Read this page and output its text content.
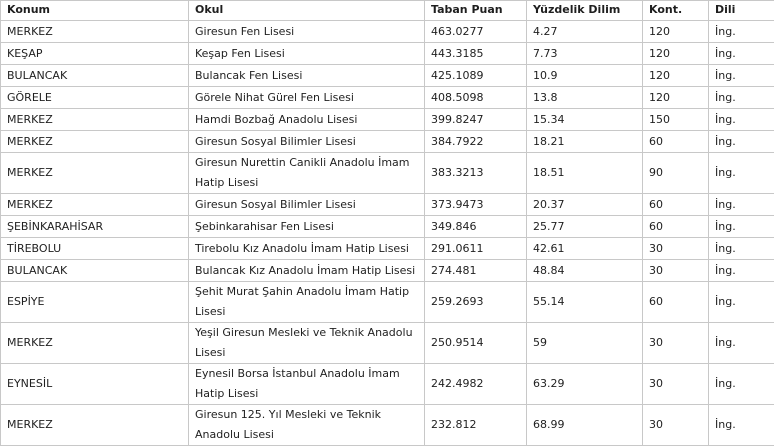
Konum	Okul	Taban Puan	Yüzdelik Dilim	Kont.	Dili
MERKEZ	Giresun Fen Lisesi	463.0277	4.27	120	İng.
KEŞAP	Keşap Fen Lisesi	443.3185	7.73	120	İng.
BULANCAK	Bulancak Fen Lisesi	425.1089	10.9	120	İng.
GÖRELE	Görele Nihat Gürel Fen Lisesi	408.5098	13.8	120	İng.
MERKEZ	Hamdi Bozbağ Anadolu Lisesi	399.8247	15.34	150	İng.
MERKEZ	Giresun Sosyal Bilimler Lisesi	384.7922	18.21	60	İng.
MERKEZ	Giresun Nurettin Canikli Anadolu İmam Hatip Lisesi	383.3213	18.51	90	İng.
MERKEZ	Giresun Sosyal Bilimler Lisesi	373.9473	20.37	60	İng.
ŞEBİNKARAHİSAR	Şebinkarahisar Fen Lisesi	349.846	25.77	60	İng.
TİREBOLU	Tirebolu Kız Anadolu İmam Hatip Lisesi	291.0611	42.61	30	İng.
BULANCAK	Bulancak Kız Anadolu İmam Hatip Lisesi	274.481	48.84	30	İng.
ESPİYE	Şehit Murat Şahin Anadolu İmam Hatip Lisesi	259.2693	55.14	60	İng.
MERKEZ	Yeşil Giresun Mesleki ve Teknik Anadolu Lisesi	250.9514	59	30	İng.
EYNESİL	Eynesil Borsa İstanbul Anadolu İmam Hatip Lisesi	242.4982	63.29	30	İng.
MERKEZ	Giresun 125. Yıl Mesleki ve Teknik Anadolu Lisesi	232.812	68.99	30	İng.
